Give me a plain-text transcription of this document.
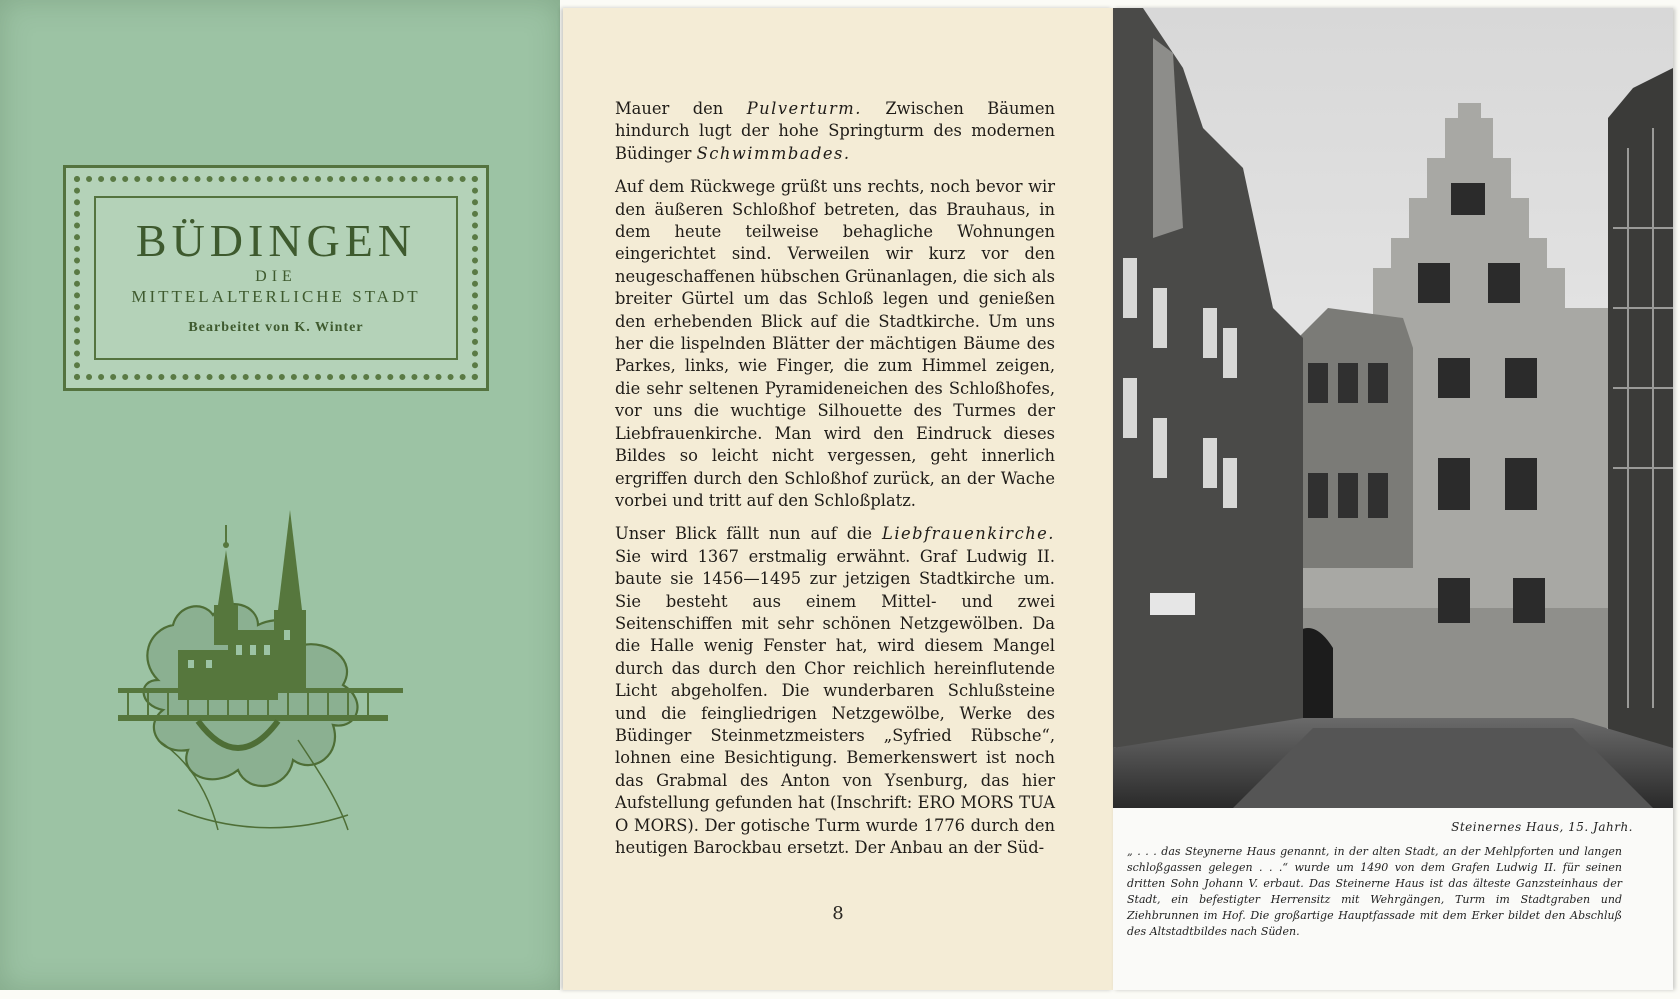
BÜDINGEN
DIE
MITTELALTERLICHE STADT
Bearbeitet von K. Winter

Mauer den Pulverturm. Zwischen Bäumen hindurch lugt der hohe Springturm des modernen Büdinger Schwimmbades.

Auf dem Rückwege grüßt uns rechts, noch bevor wir den äußeren Schloßhof betreten, das Brauhaus, in dem heute teilweise behagliche Wohnungen eingerichtet sind. Verweilen wir kurz vor den neugeschaffenen hübschen Grünanlagen, die sich als breiter Gürtel um das Schloß legen und genießen den erhebenden Blick auf die Stadtkirche. Um uns her die lispelnden Blätter der mächtigen Bäume des Parkes, links, wie Finger, die zum Himmel zeigen, die sehr seltenen Pyramideneichen des Schloßhofes, vor uns die wuchtige Silhouette des Turmes der Liebfrauenkirche. Man wird den Eindruck dieses Bildes so leicht nicht vergessen, geht innerlich ergriffen durch den Schloßhof zurück, an der Wache vorbei und tritt auf den Schloßplatz.

Unser Blick fällt nun auf die Liebfrauenkirche. Sie wird 1367 erstmalig erwähnt. Graf Ludwig II. baute sie 1456—1495 zur jetzigen Stadtkirche um. Sie besteht aus einem Mittel- und zwei Seitenschiffen mit sehr schönen Netzgewölben. Da die Halle wenig Fenster hat, wird diesem Mangel durch das durch den Chor reichlich hereinflutende Licht abgeholfen. Die wunderbaren Schlußsteine und die feingliedrigen Netzgewölbe, Werke des Büdinger Steinmetzmeisters „Syfried Rübsche“, lohnen eine Besichtigung. Bemerkenswert ist noch das Grabmal des Anton von Ysenburg, das hier Aufstellung gefunden hat (Inschrift: ERO MORS TUA O MORS). Der gotische Turm wurde 1776 durch den heutigen Barockbau ersetzt. Der Anbau an der Süd-

8
Steinernes Haus, 15. Jahrh.
„ . . . das Steynerne Haus genannt, in der alten Stadt, an der Mehlpforten und langen schloßgassen gelegen . . .“ wurde um 1490 von dem Grafen Ludwig II. für seinen dritten Sohn Johann V. erbaut. Das Steinerne Haus ist das älteste Ganzsteinhaus der Stadt, ein befestigter Herrensitz mit Wehrgängen, Turm im Stadtgraben und Ziehbrunnen im Hof. Die großartige Hauptfassade mit dem Erker bildet den Abschluß des Altstadtbildes nach Süden.
